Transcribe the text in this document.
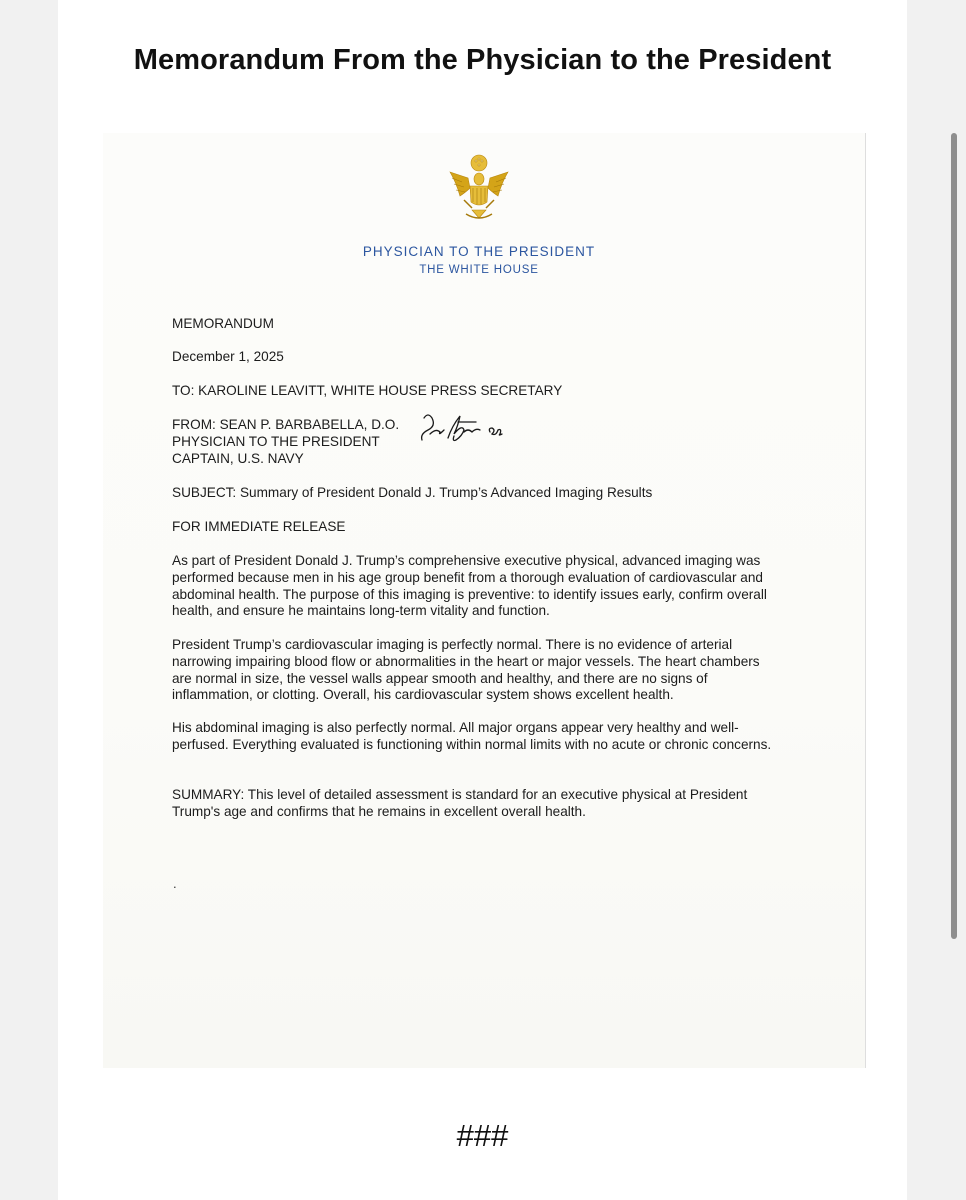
Memorandum From the Physician to the President
PHYSICIAN TO THE PRESIDENT
THE WHITE HOUSE
MEMORANDUM
December 1, 2025
TO: KAROLINE LEAVITT, WHITE HOUSE PRESS SECRETARY
FROM: SEAN P. BARBABELLA, D.O.
PHYSICIAN TO THE PRESIDENT
CAPTAIN, U.S. NAVY
SUBJECT: Summary of President Donald J. Trump’s Advanced Imaging Results
FOR IMMEDIATE RELEASE
As part of President Donald J. Trump’s comprehensive executive physical, advanced imaging was performed because men in his age group benefit from a thorough evaluation of cardiovascular and abdominal health. The purpose of this imaging is preventive: to identify issues early, confirm overall health, and ensure he maintains long-term vitality and function.
President Trump’s cardiovascular imaging is perfectly normal. There is no evidence of arterial narrowing impairing blood flow or abnormalities in the heart or major vessels. The heart chambers are normal in size, the vessel walls appear smooth and healthy, and there are no signs of inflammation, or clotting. Overall, his cardiovascular system shows excellent health.
His abdominal imaging is also perfectly normal. All major organs appear very healthy and well-perfused. Everything evaluated is functioning within normal limits with no acute or chronic concerns.
SUMMARY: This level of detailed assessment is standard for an executive physical at President Trump's age and confirms that he remains in excellent overall health.
.
###
